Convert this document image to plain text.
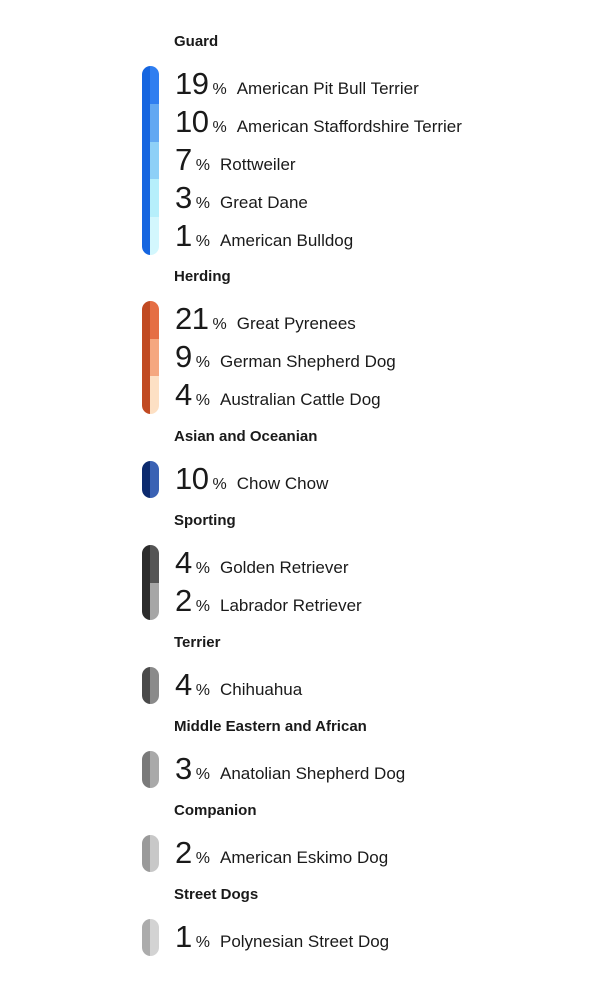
Guard
19 % American Pit Bull Terrier
10 % American Staffordshire Terrier
7 % Rottweiler
3 % Great Dane
1 % American Bulldog
Herding
21 % Great Pyrenees
9 % German Shepherd Dog
4 % Australian Cattle Dog
Asian and Oceanian
10 % Chow Chow
Sporting
4 % Golden Retriever
2 % Labrador Retriever
Terrier
4 % Chihuahua
Middle Eastern and African
3 % Anatolian Shepherd Dog
Companion
2 % American Eskimo Dog
Street Dogs
1 % Polynesian Street Dog
